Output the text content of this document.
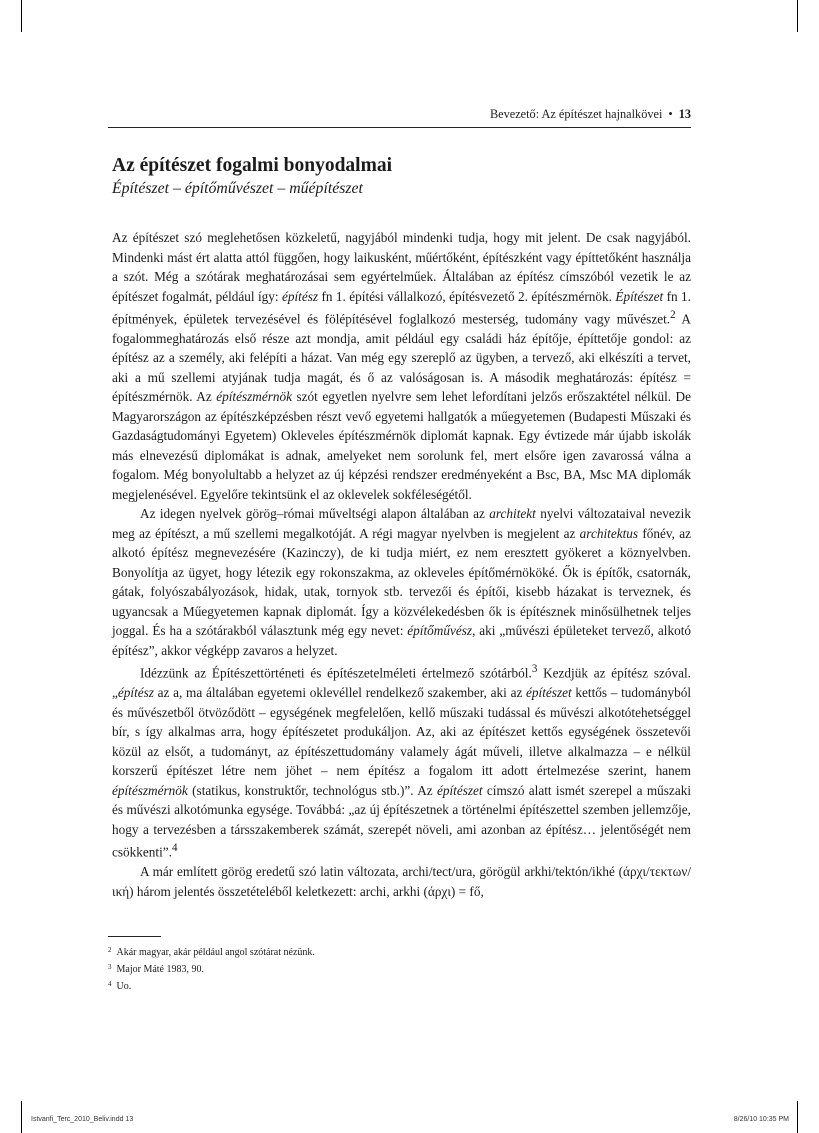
Bevezető: Az építészet hajnalkövei • 13
Az építészet fogalmi bonyodalmai
Építészet – építőművészet – műépítészet

Az építészet szó meglehetősen közkeletű, nagyjából mindenki tudja, hogy mit jelent. De csak nagyjából. Mindenki mást ért alatta attól függően, hogy laikusként, műértőként, építészként vagy építtetőként használja a szót. Még a szótárak meghatározásai sem egyértelműek. Általában az építész címszóból vezetik le az építészet fogalmát, például így: építész fn 1. építési vállalkozó, építésvezető 2. építészmérnök. Építészet fn 1. építmények, épületek tervezésével és fölépítésével foglalkozó mesterség, tudomány vagy művészet.$^2$ A fogalommeghatározás első része azt mondja, amit például egy családi ház építője, építtetője gondol: az építész az a személy, aki felépíti a házat. Van még egy szereplő az ügyben, a tervező, aki elkészíti a tervet, aki a mű szellemi atyjának tudja magát, és ő az valóságosan is. A második meghatározás: építész = építészmérnök. Az építészmérnök szót egyetlen nyelvre sem lehet lefordítani jelzős erőszaktétel nélkül. De Magyarországon az építészképzésben részt vevő egyetemi hallgatók a műegyetemen (Budapesti Műszaki és Gazdaságtudományi Egyetem) Okleveles építészmérnök diplomát kapnak. Egy évtizede már újabb iskolák más elnevezésű diplomákat is adnak, amelyeket nem sorolunk fel, mert elsőre igen zavarossá válna a fogalom. Még bonyolultabb a helyzet az új képzési rendszer eredményeként a Bsc, BA, Msc MA diplomák megjelenésével. Egyelőre tekintsünk el az oklevelek sokféleségétől.

Az idegen nyelvek görög–római műveltségi alapon általában az architekt nyelvi változataival nevezik meg az építészt, a mű szellemi megalkotóját. A régi magyar nyelvben is megjelent az architektus főnév, az alkotó építész megnevezésére (Kazinczy), de ki tudja miért, ez nem eresztett gyökeret a köznyelvben. Bonyolítja az ügyet, hogy létezik egy rokonszakma, az okleveles építőmérnököké. Ők is építők, csatornák, gátak, folyószabályozások, hidak, utak, tornyok stb. tervezői és építői, kisebb házakat is terveznek, és ugyancsak a Műegyetemen kapnak diplomát. Így a közvélekedésben ők is építésznek minősülhetnek teljes joggal. És ha a szótárakból választunk még egy nevet: építőművész, aki „művészi épületeket tervező, alkotó építész”, akkor végképp zavaros a helyzet.

Idézzünk az Építészettörténeti és építészetelméleti értelmező szótárból.$^3$ Kezdjük az építész szóval. „építész az a, ma általában egyetemi oklevéllel rendelkező szakember, aki az építészet kettős – tudományból és művészetből ötvöződött – egységének megfelelően, kellő műszaki tudással és művészi alkotótehetséggel bír, s így alkalmas arra, hogy építészetet produkáljon. Az, aki az építészet kettős egységének összetevői közül az elsőt, a tudományt, az építészettudomány valamely ágát műveli, illetve alkalmazza – e nélkül korszerű építészet létre nem jöhet – nem építész a fogalom itt adott értelmezése szerint, hanem építészmérnök (statikus, konstruktőr, technológus stb.)”. Az építészet címszó alatt ismét szerepel a műszaki és művészi alkotómunka egysége. Továbbá: „az új építészetnek a történelmi építészettel szemben jellemzője, hogy a tervezésben a társszakemberek számát, szerepét növeli, ami azonban az építész… jelentőségét nem csökkenti”.$^4$

A már említett görög eredetű szó latin változata, archi/tect/ura, görögül arkhi/tektón/ikhé (άρχι/τεκτων/ική) három jelentés összetételéből keletkezett: archi, arkhi (άρχι) = fő,

$^2$ Akár magyar, akár például angol szótárat nézünk.
$^3$ Major Máté 1983, 90.
$^4$ Uo.
Istvanfi_Terc_2010_Beliv.indd 13	8/26/10 10:35 PM
